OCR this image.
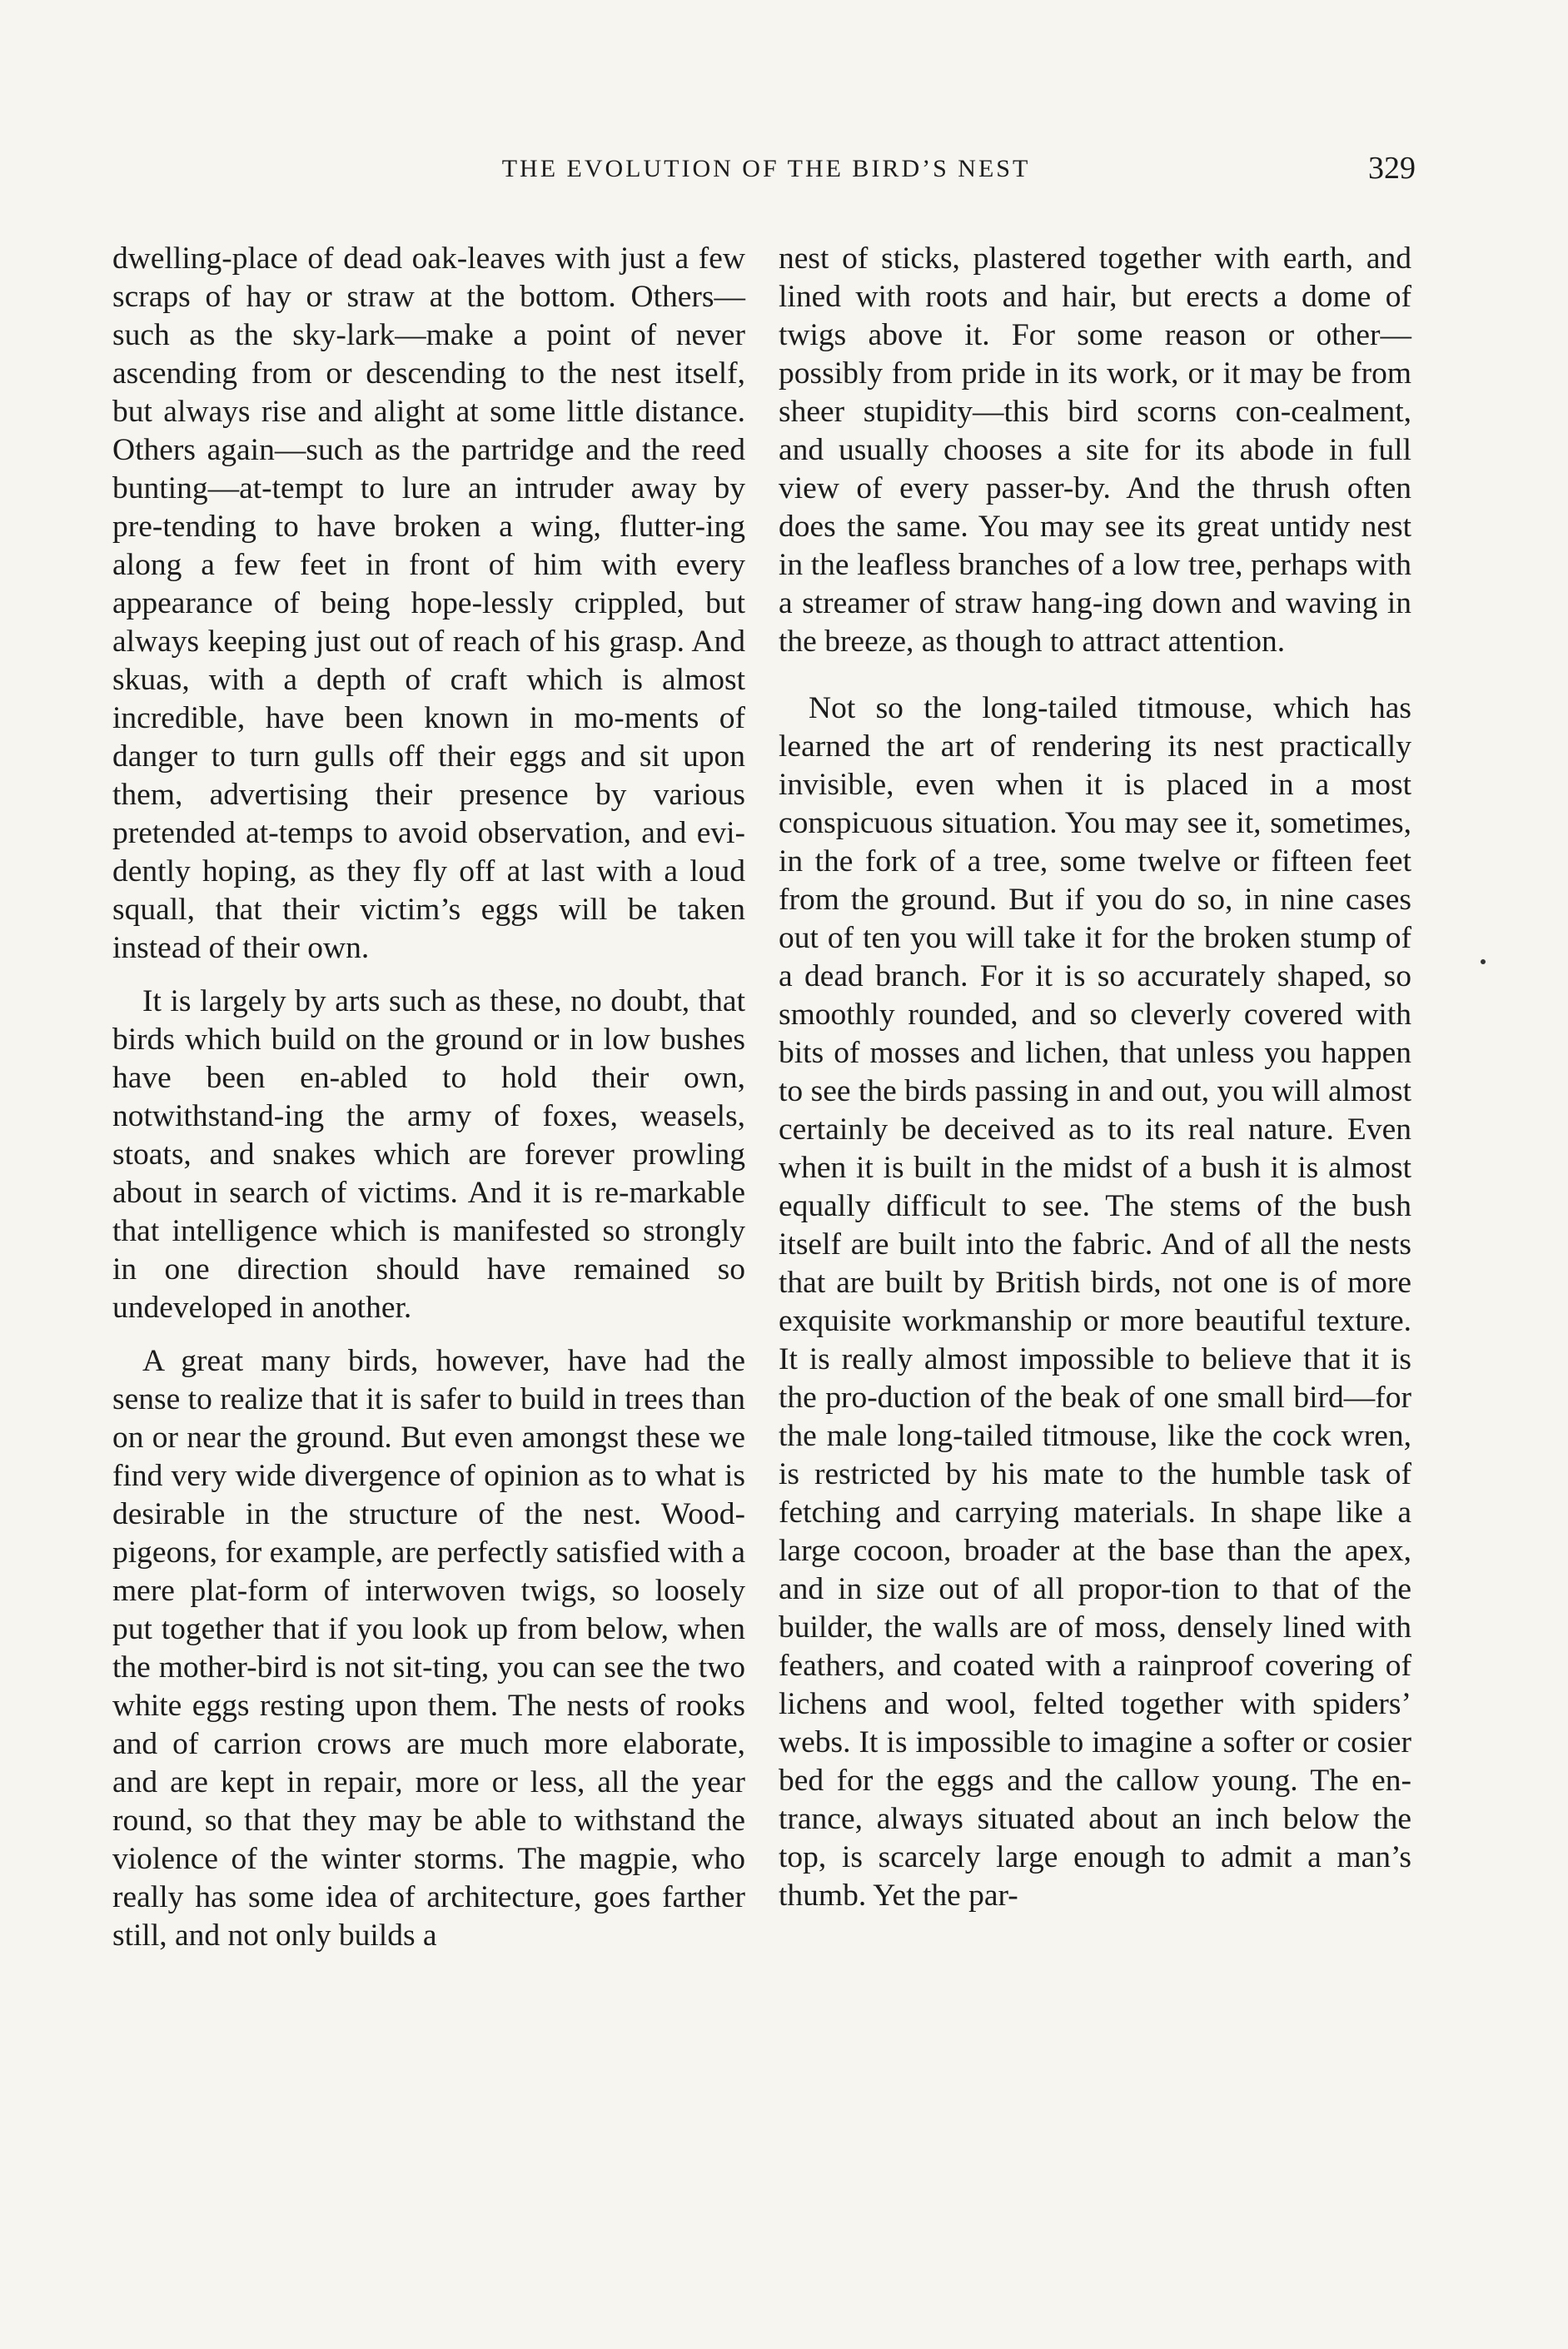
THE EVOLUTION OF THE BIRD’S NEST	329

dwelling-place of dead oak-leaves with just a few scraps of hay or straw at the bottom. Others—such as the sky-lark—make a point of never ascending from or descending to the nest itself, but always rise and alight at some little distance. Others again—such as the partridge and the reed bunting—at-tempt to lure an intruder away by pre-tending to have broken a wing, flutter-ing along a few feet in front of him with every appearance of being hope-lessly crippled, but always keeping just out of reach of his grasp. And skuas, with a depth of craft which is almost incredible, have been known in mo-ments of danger to turn gulls off their eggs and sit upon them, advertising their presence by various pretended at-temps to avoid observation, and evi-dently hoping, as they fly off at last with a loud squall, that their victim’s eggs will be taken instead of their own.

It is largely by arts such as these, no doubt, that birds which build on the ground or in low bushes have been en-abled to hold their own, notwithstand-ing the army of foxes, weasels, stoats, and snakes which are forever prowling about in search of victims. And it is re-markable that intelligence which is manifested so strongly in one direction should have remained so undeveloped in another.

A great many birds, however, have had the sense to realize that it is safer to build in trees than on or near the ground. But even amongst these we find very wide divergence of opinion as to what is desirable in the structure of the nest. Wood-pigeons, for example, are perfectly satisfied with a mere plat-form of interwoven twigs, so loosely put together that if you look up from below, when the mother-bird is not sit-ting, you can see the two white eggs resting upon them. The nests of rooks and of carrion crows are much more elaborate, and are kept in repair, more or less, all the year round, so that they may be able to withstand the violence of the winter storms. The magpie, who really has some idea of architecture, goes farther still, and not only builds a

nest of sticks, plastered together with earth, and lined with roots and hair, but erects a dome of twigs above it. For some reason or other—possibly from pride in its work, or it may be from sheer stupidity—this bird scorns con-cealment, and usually chooses a site for its abode in full view of every passer-by. And the thrush often does the same. You may see its great untidy nest in the leafless branches of a low tree, perhaps with a streamer of straw hang-ing down and waving in the breeze, as though to attract attention.

Not so the long-tailed titmouse, which has learned the art of rendering its nest practically invisible, even when it is placed in a most conspicuous situation. You may see it, sometimes, in the fork of a tree, some twelve or fifteen feet from the ground. But if you do so, in nine cases out of ten you will take it for the broken stump of a dead branch. For it is so accurately shaped, so smoothly rounded, and so cleverly covered with bits of mosses and lichen, that unless you happen to see the birds passing in and out, you will almost certainly be deceived as to its real nature. Even when it is built in the midst of a bush it is almost equally difficult to see. The stems of the bush itself are built into the fabric. And of all the nests that are built by British birds, not one is of more exquisite workmanship or more beautiful texture. It is really almost impossible to believe that it is the pro-duction of the beak of one small bird—for the male long-tailed titmouse, like the cock wren, is restricted by his mate to the humble task of fetching and carrying materials. In shape like a large cocoon, broader at the base than the apex, and in size out of all propor-tion to that of the builder, the walls are of moss, densely lined with feathers, and coated with a rainproof covering of lichens and wool, felted together with spiders’ webs. It is impossible to imagine a softer or cosier bed for the eggs and the callow young. The en-trance, always situated about an inch below the top, is scarcely large enough to admit a man’s thumb. Yet the par-
